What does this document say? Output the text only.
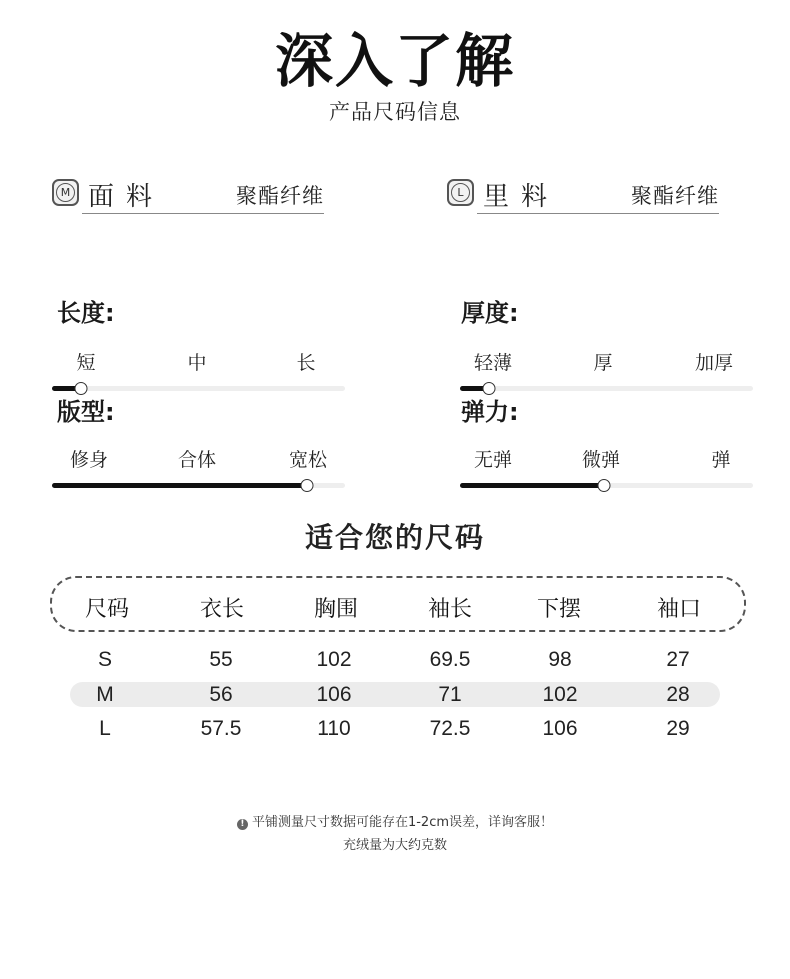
深入了解
产品尺码信息
M 面料	聚酯纤维	L 里料	聚酯纤维
长度:
短	中	长
厚度:
轻薄	厚	加厚
版型:
修身	合体	宽松
弹力:
无弹	微弹	弹
适合您的尺码
尺码	衣长	胸围	袖长	下摆	袖口
S	55	102	69.5	98	27
M	56	106	71	102	28
L	57.5	110	72.5	106	29
! 平铺测量尺寸数据可能存在1-2cm误差，详询客服！
充绒量为大约克数
